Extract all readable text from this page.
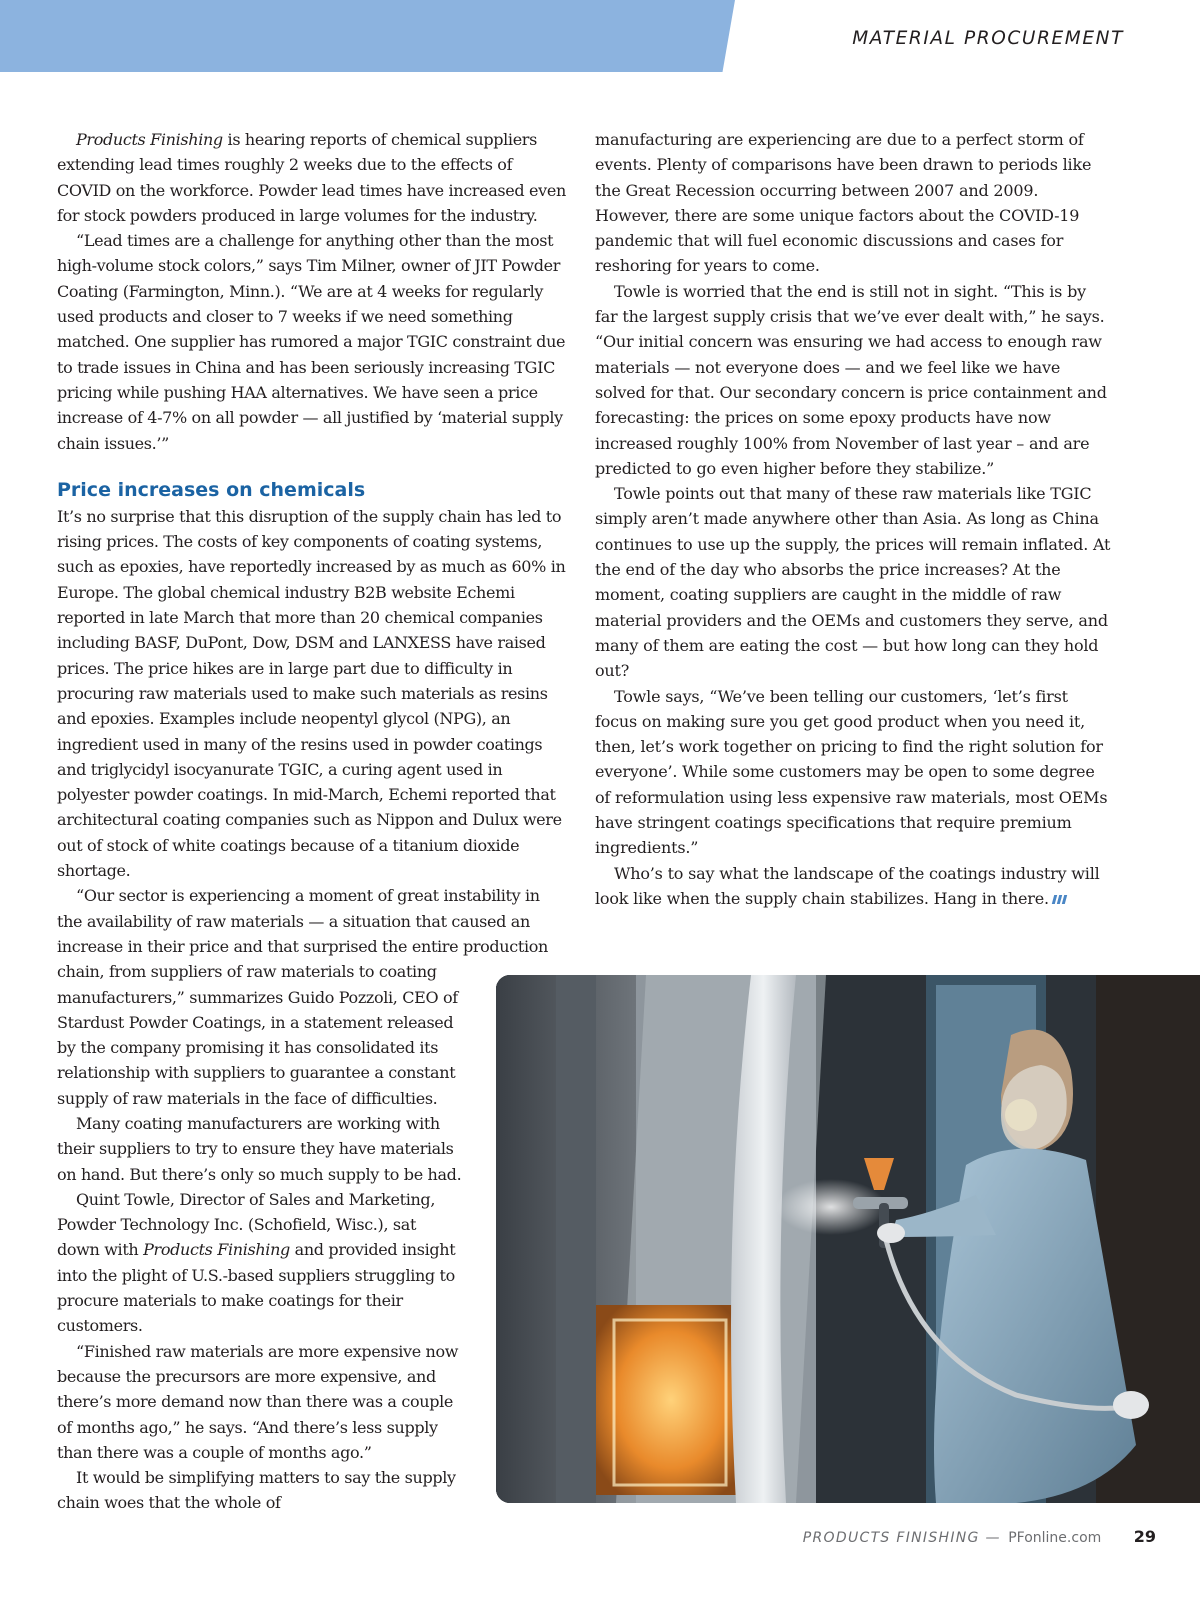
MATERIAL PROCUREMENT

Products Finishing is hearing reports of chemical suppliers extending lead times roughly 2 weeks due to the effects of COVID on the workforce. Powder lead times have increased even for stock powders produced in large volumes for the industry.

“Lead times are a challenge for anything other than the most high-volume stock colors,” says Tim Milner, owner of JIT Powder Coating (Farmington, Minn.). “We are at 4 weeks for regularly used products and closer to 7 weeks if we need something matched. One supplier has rumored a major TGIC constraint due to trade issues in China and has been seriously increasing TGIC pricing while pushing HAA alternatives. We have seen a price increase of 4-7% on all powder — all justified by ‘material supply chain issues.’”

Price increases on chemicals

It’s no surprise that this disruption of the supply chain has led to rising prices. The costs of key components of coating systems, such as epoxies, have reportedly increased by as much as 60% in Europe. The global chemical industry B2B website Echemi reported in late March that more than 20 chemical companies including BASF, DuPont, Dow, DSM and LANXESS have raised prices. The price hikes are in large part due to difficulty in procuring raw materials used to make such materials as resins and epoxies. Examples include neopentyl glycol (NPG), an ingredient used in many of the resins used in powder coatings and triglycidyl isocyanurate TGIC, a curing agent used in polyester powder coatings. In mid-March, Echemi reported that architectural coating companies such as Nippon and Dulux were out of stock of white coatings because of a titanium dioxide shortage.

“Our sector is experiencing a moment of great instability in the availability of raw materials — a situation that caused an increase in their price and that surprised the entire production

chain, from suppliers of raw materials to coating manufacturers,” summarizes Guido Pozzoli, CEO of Stardust Powder Coatings, in a statement released by the company promising it has consolidated its relationship with suppliers to guarantee a constant supply of raw materials in the face of difficulties.

Many coating manufacturers are working with their suppliers to try to ensure they have materials on hand. But there’s only so much supply to be had.

Quint Towle, Director of Sales and Marketing, Powder Technology Inc. (Schofield, Wisc.), sat down with Products Finishing and provided insight into the plight of U.S.-based suppliers struggling to procure materials to make coatings for their customers.

“Finished raw materials are more expensive now because the precursors are more expensive, and there’s more demand now than there was a couple of months ago,” he says. “And there’s less supply than there was a couple of months ago.”

It would be simplifying matters to say the supply chain woes that the whole of

manufacturing are experiencing are due to a perfect storm of events. Plenty of comparisons have been drawn to periods like the Great Recession occurring between 2007 and 2009. However, there are some unique factors about the COVID-19 pandemic that will fuel economic discussions and cases for reshoring for years to come.

Towle is worried that the end is still not in sight. “This is by far the largest supply crisis that we’ve ever dealt with,” he says. “Our initial concern was ensuring we had access to enough raw materials — not everyone does — and we feel like we have solved for that. Our secondary concern is price containment and forecasting: the prices on some epoxy products have now increased roughly 100% from November of last year – and are predicted to go even higher before they stabilize.”

Towle points out that many of these raw materials like TGIC simply aren’t made anywhere other than Asia. As long as China continues to use up the supply, the prices will remain inflated. At the end of the day who absorbs the price increases? At the moment, coating suppliers are caught in the middle of raw material providers and the OEMs and customers they serve, and many of them are eating the cost — but how long can they hold out?

Towle says, “We’ve been telling our customers, ‘let’s first focus on making sure you get good product when you need it, then, let’s work together on pricing to find the right solution for everyone’. While some customers may be open to some degree of reformulation using less expensive raw materials, most OEMs have stringent coatings specifications that require premium ingredients.”

Who’s to say what the landscape of the coatings industry will look like when the supply chain stabilizes. Hang in there.

PRODUCTS FINISHING — PFonline.com 29
